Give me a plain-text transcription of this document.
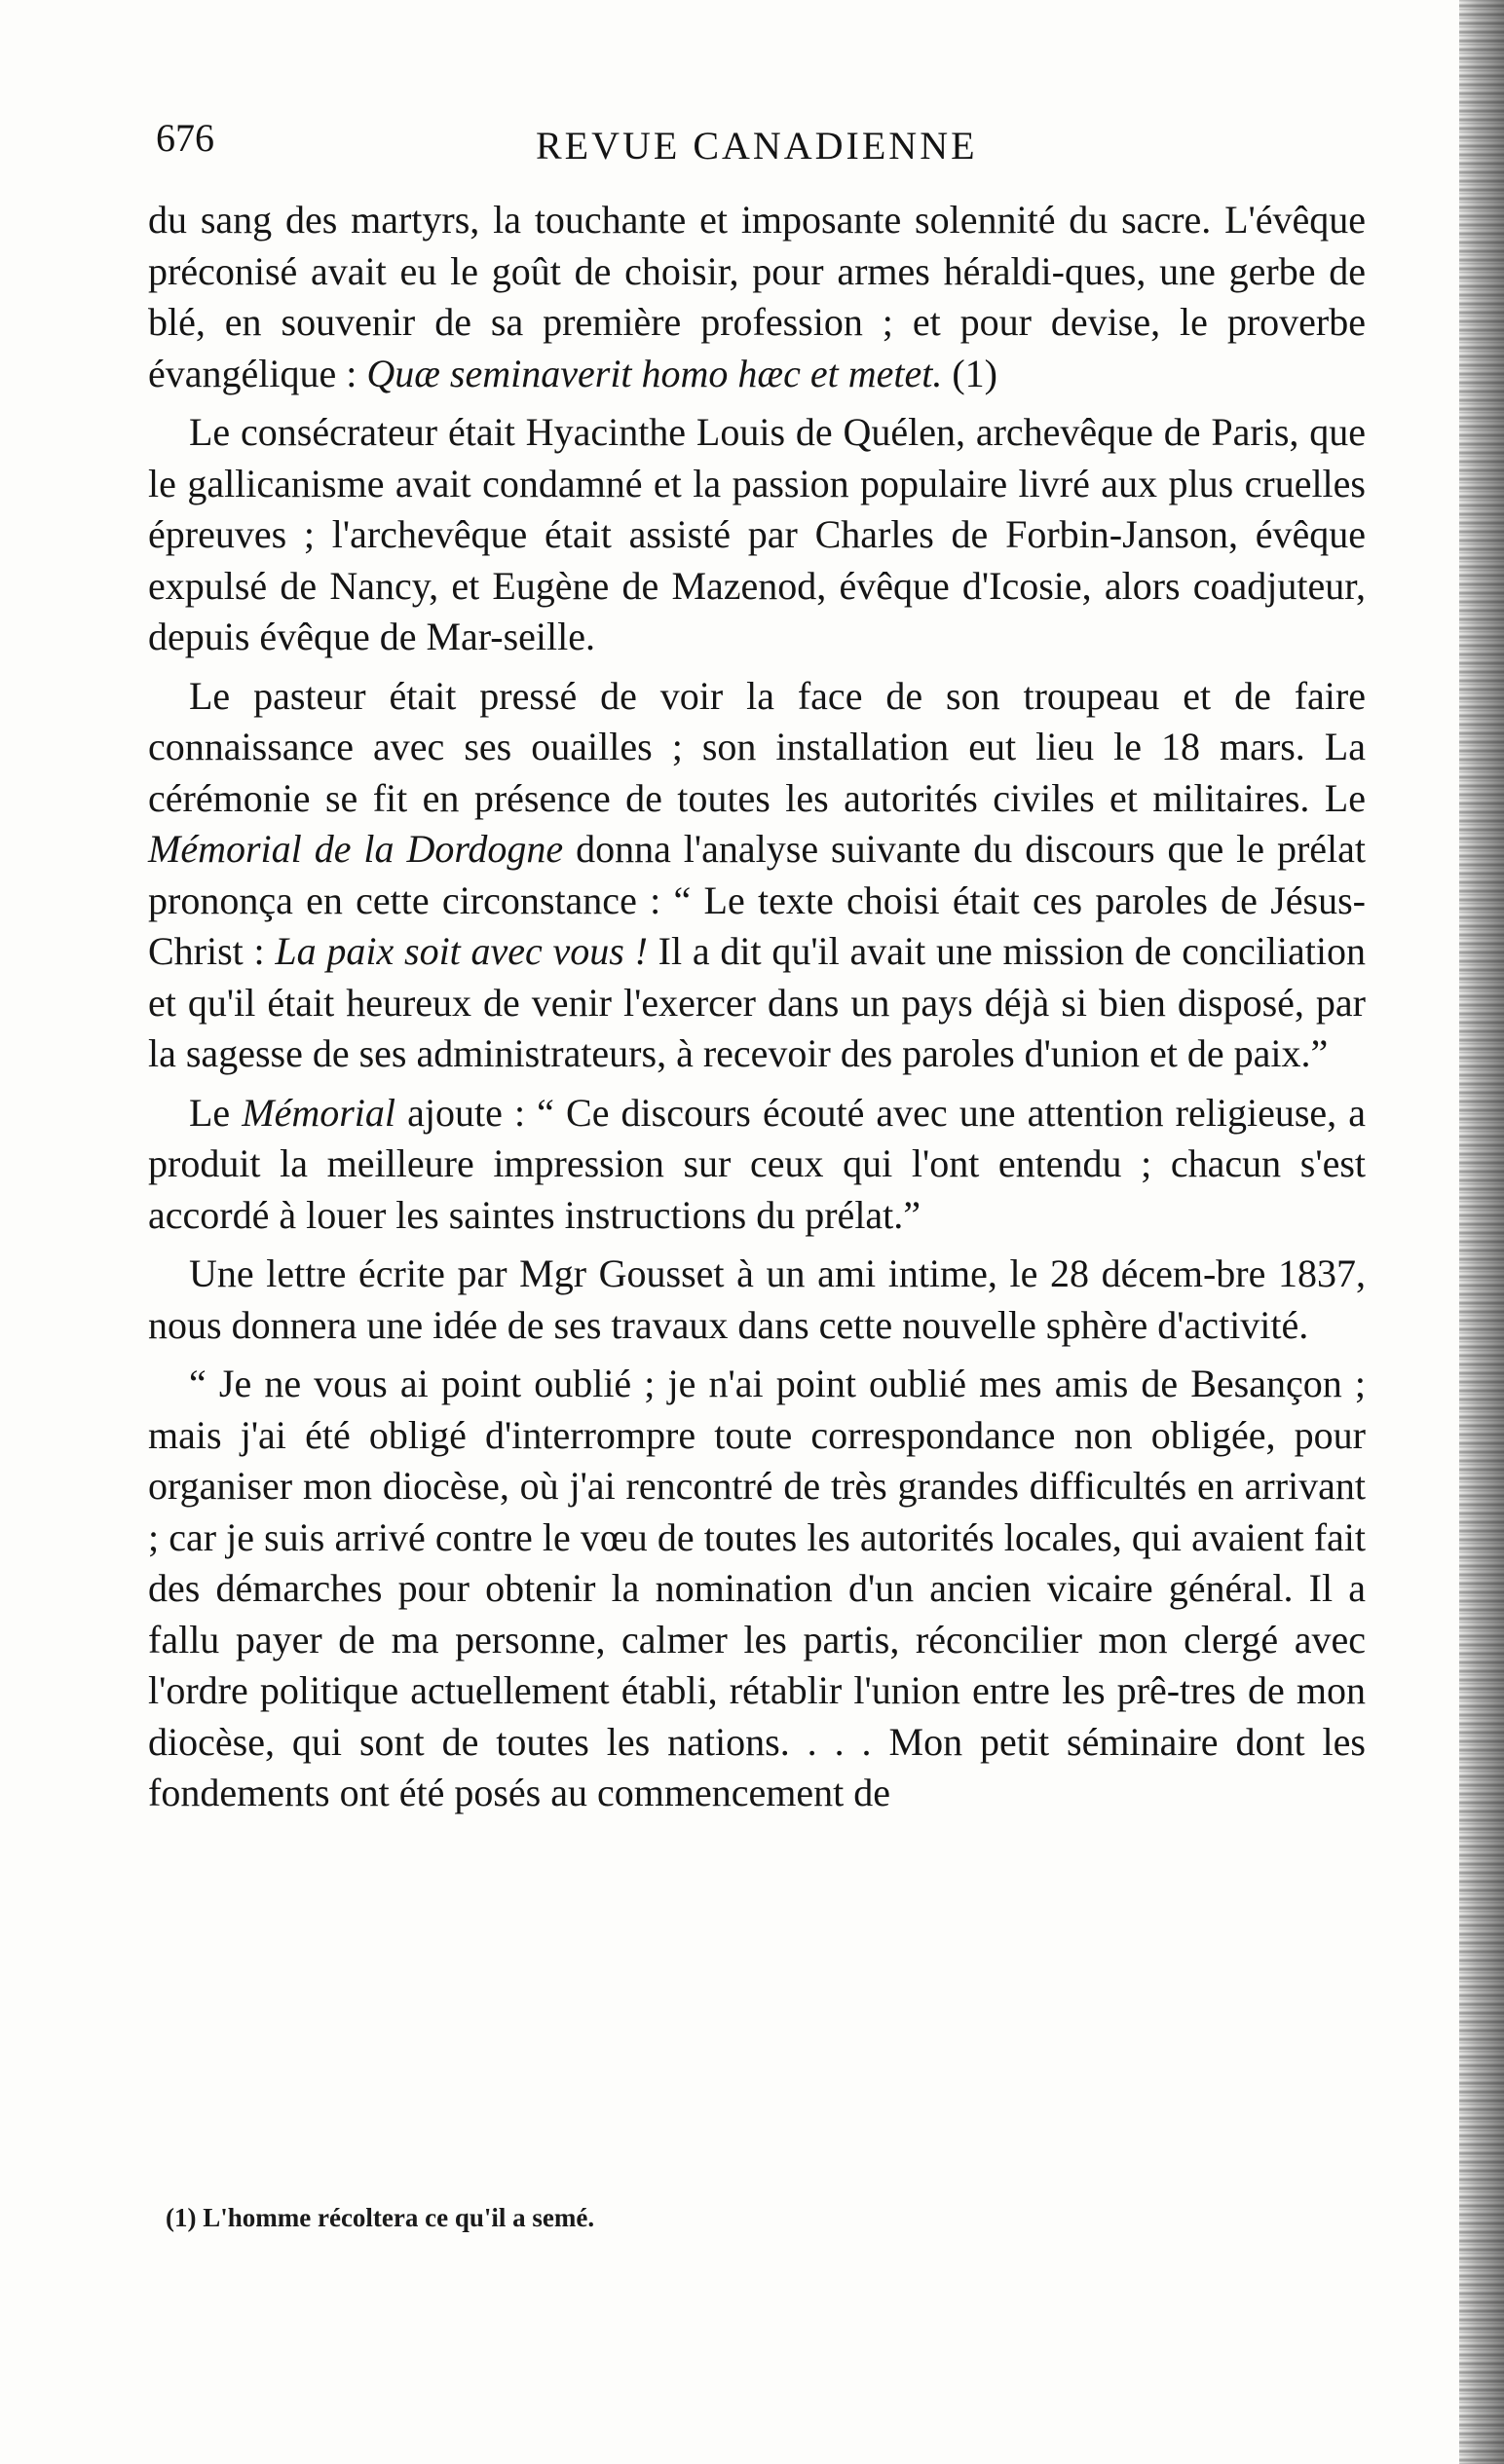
676	REVUE CANADIENNE

du sang des martyrs, la touchante et imposante solennité du sacre. L'évêque préconisé avait eu le goût de choisir, pour armes héraldi-ques, une gerbe de blé, en souvenir de sa première profession ; et pour devise, le proverbe évangélique : Quæ seminaverit homo hæc et metet. (1)

Le consécrateur était Hyacinthe Louis de Quélen, archevêque de Paris, que le gallicanisme avait condamné et la passion populaire livré aux plus cruelles épreuves ; l'archevêque était assisté par Charles de Forbin-Janson, évêque expulsé de Nancy, et Eugène de Mazenod, évêque d'Icosie, alors coadjuteur, depuis évêque de Mar-seille.

Le pasteur était pressé de voir la face de son troupeau et de faire connaissance avec ses ouailles ; son installation eut lieu le 18 mars. La cérémonie se fit en présence de toutes les autorités civiles et militaires. Le Mémorial de la Dordogne donna l'analyse suivante du discours que le prélat prononça en cette circonstance : “ Le texte choisi était ces paroles de Jésus-Christ : La paix soit avec vous ! Il a dit qu'il avait une mission de conciliation et qu'il était heureux de venir l'exercer dans un pays déjà si bien disposé, par la sagesse de ses administrateurs, à recevoir des paroles d'union et de paix.”

Le Mémorial ajoute : “ Ce discours écouté avec une attention religieuse, a produit la meilleure impression sur ceux qui l'ont entendu ; chacun s'est accordé à louer les saintes instructions du prélat.”

Une lettre écrite par Mgr Gousset à un ami intime, le 28 décem-bre 1837, nous donnera une idée de ses travaux dans cette nouvelle sphère d'activité.

“ Je ne vous ai point oublié ; je n'ai point oublié mes amis de Besançon ; mais j'ai été obligé d'interrompre toute correspondance non obligée, pour organiser mon diocèse, où j'ai rencontré de très grandes difficultés en arrivant ; car je suis arrivé contre le vœu de toutes les autorités locales, qui avaient fait des démarches pour obtenir la nomination d'un ancien vicaire général. Il a fallu payer de ma personne, calmer les partis, réconcilier mon clergé avec l'ordre politique actuellement établi, rétablir l'union entre les prê-tres de mon diocèse, qui sont de toutes les nations. . . . Mon petit séminaire dont les fondements ont été posés au commencement de

(1) L'homme récoltera ce qu'il a semé.
